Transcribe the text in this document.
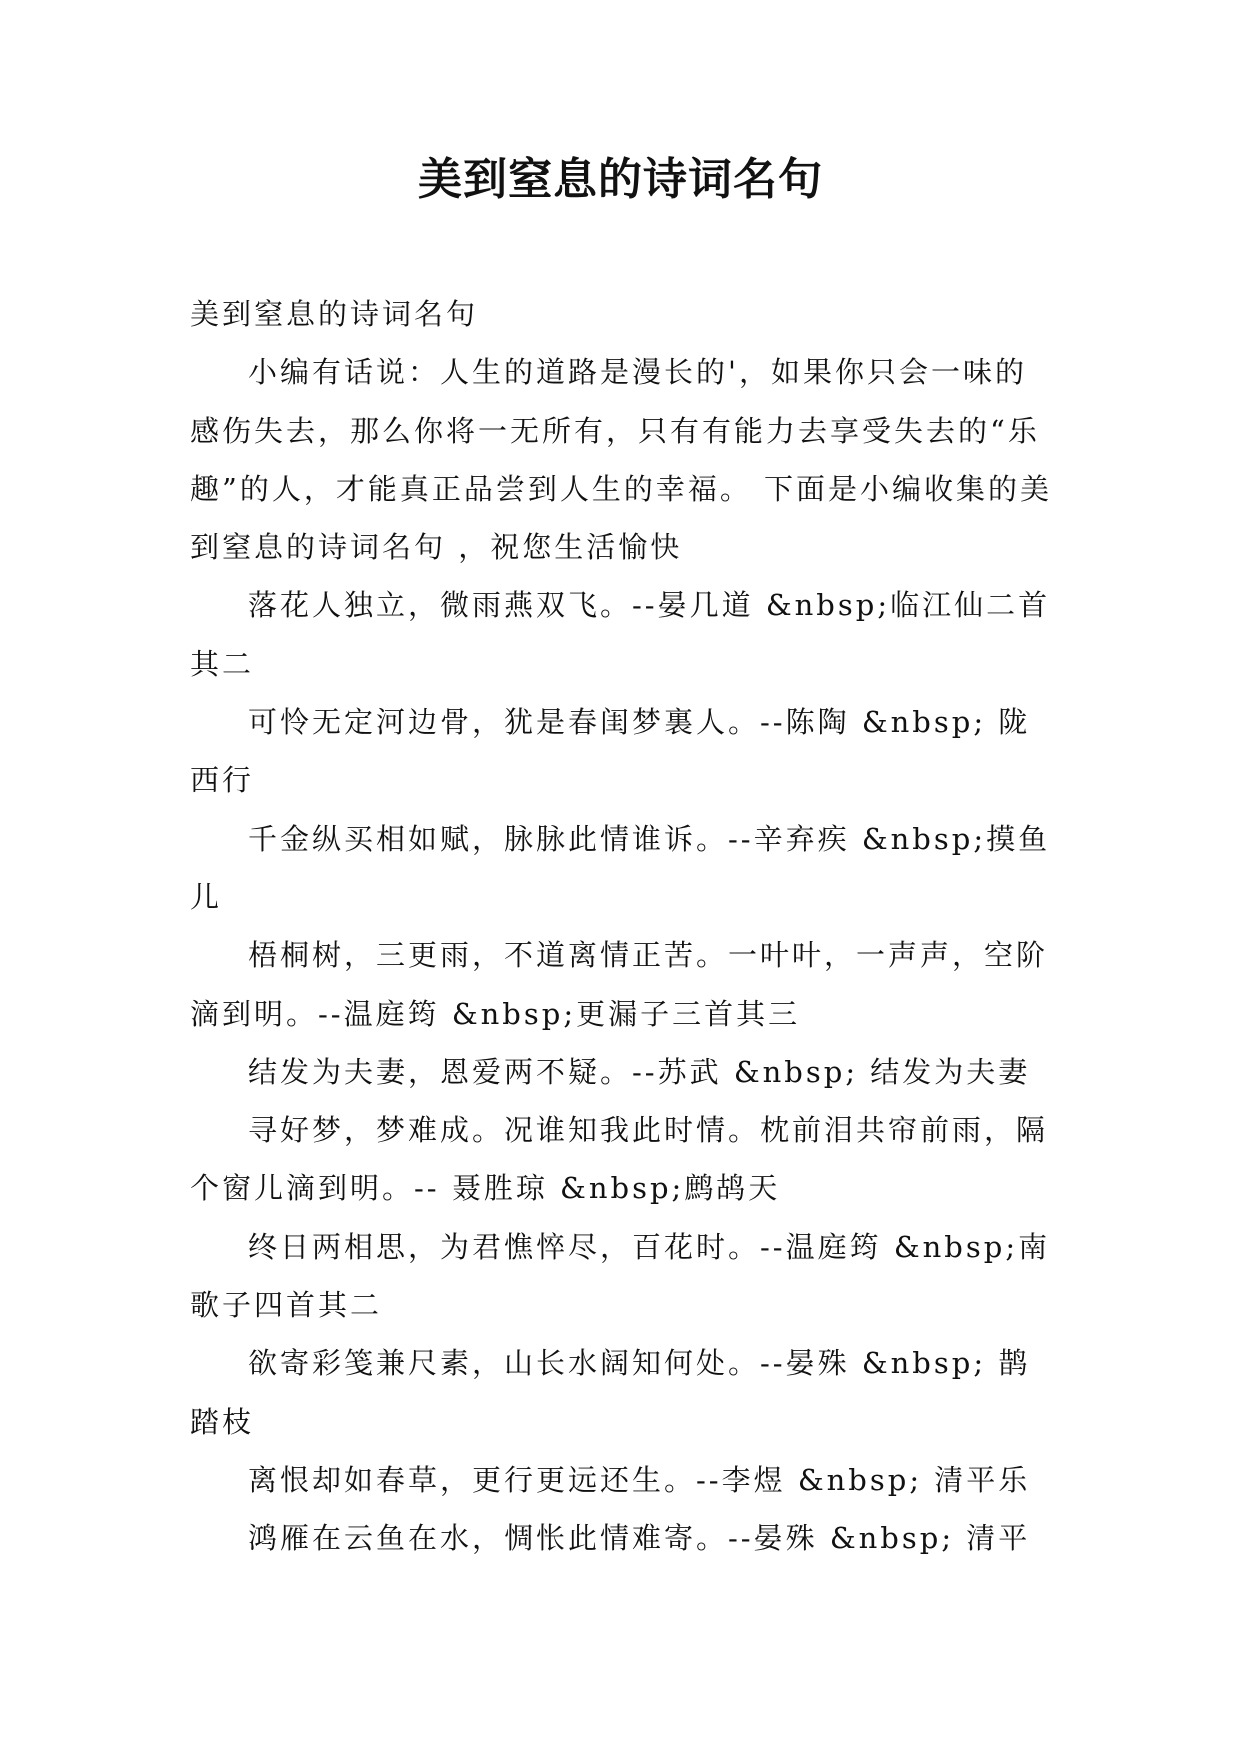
美到窒息的诗词名句

美到窒息的诗词名句

小编有话说：人生的道路是漫长的'，如果你只会一味的感伤失去，那么你将一无所有，只有有能力去享受失去的“乐趣”的人，才能真正品尝到人生的幸福。 下面是小编收集的美到窒息的诗词名句 ，祝您生活愉快

落花人独立，微雨燕双飞。--晏几道 &nbsp;临江仙二首其二

可怜无定河边骨，犹是春闺梦裏人。--陈陶 &nbsp; 陇西行

千金纵买相如赋，脉脉此情谁诉。--辛弃疾 &nbsp;摸鱼儿

梧桐树，三更雨，不道离情正苦。一叶叶，一声声，空阶滴到明。--温庭筠 &nbsp;更漏子三首其三

结发为夫妻，恩爱两不疑。--苏武 &nbsp; 结发为夫妻

寻好梦，梦难成。况谁知我此时情。枕前泪共帘前雨，隔个窗儿滴到明。-- 聂胜琼 &nbsp;鹧鸪天

终日两相思，为君憔悴尽，百花时。--温庭筠 &nbsp;南歌子四首其二

欲寄彩笺兼尺素，山长水阔知何处。--晏殊 &nbsp; 鹊踏枝

离恨却如春草，更行更远还生。--李煜 &nbsp; 清平乐

鸿雁在云鱼在水，惆怅此情难寄。--晏殊 &nbsp; 清平
